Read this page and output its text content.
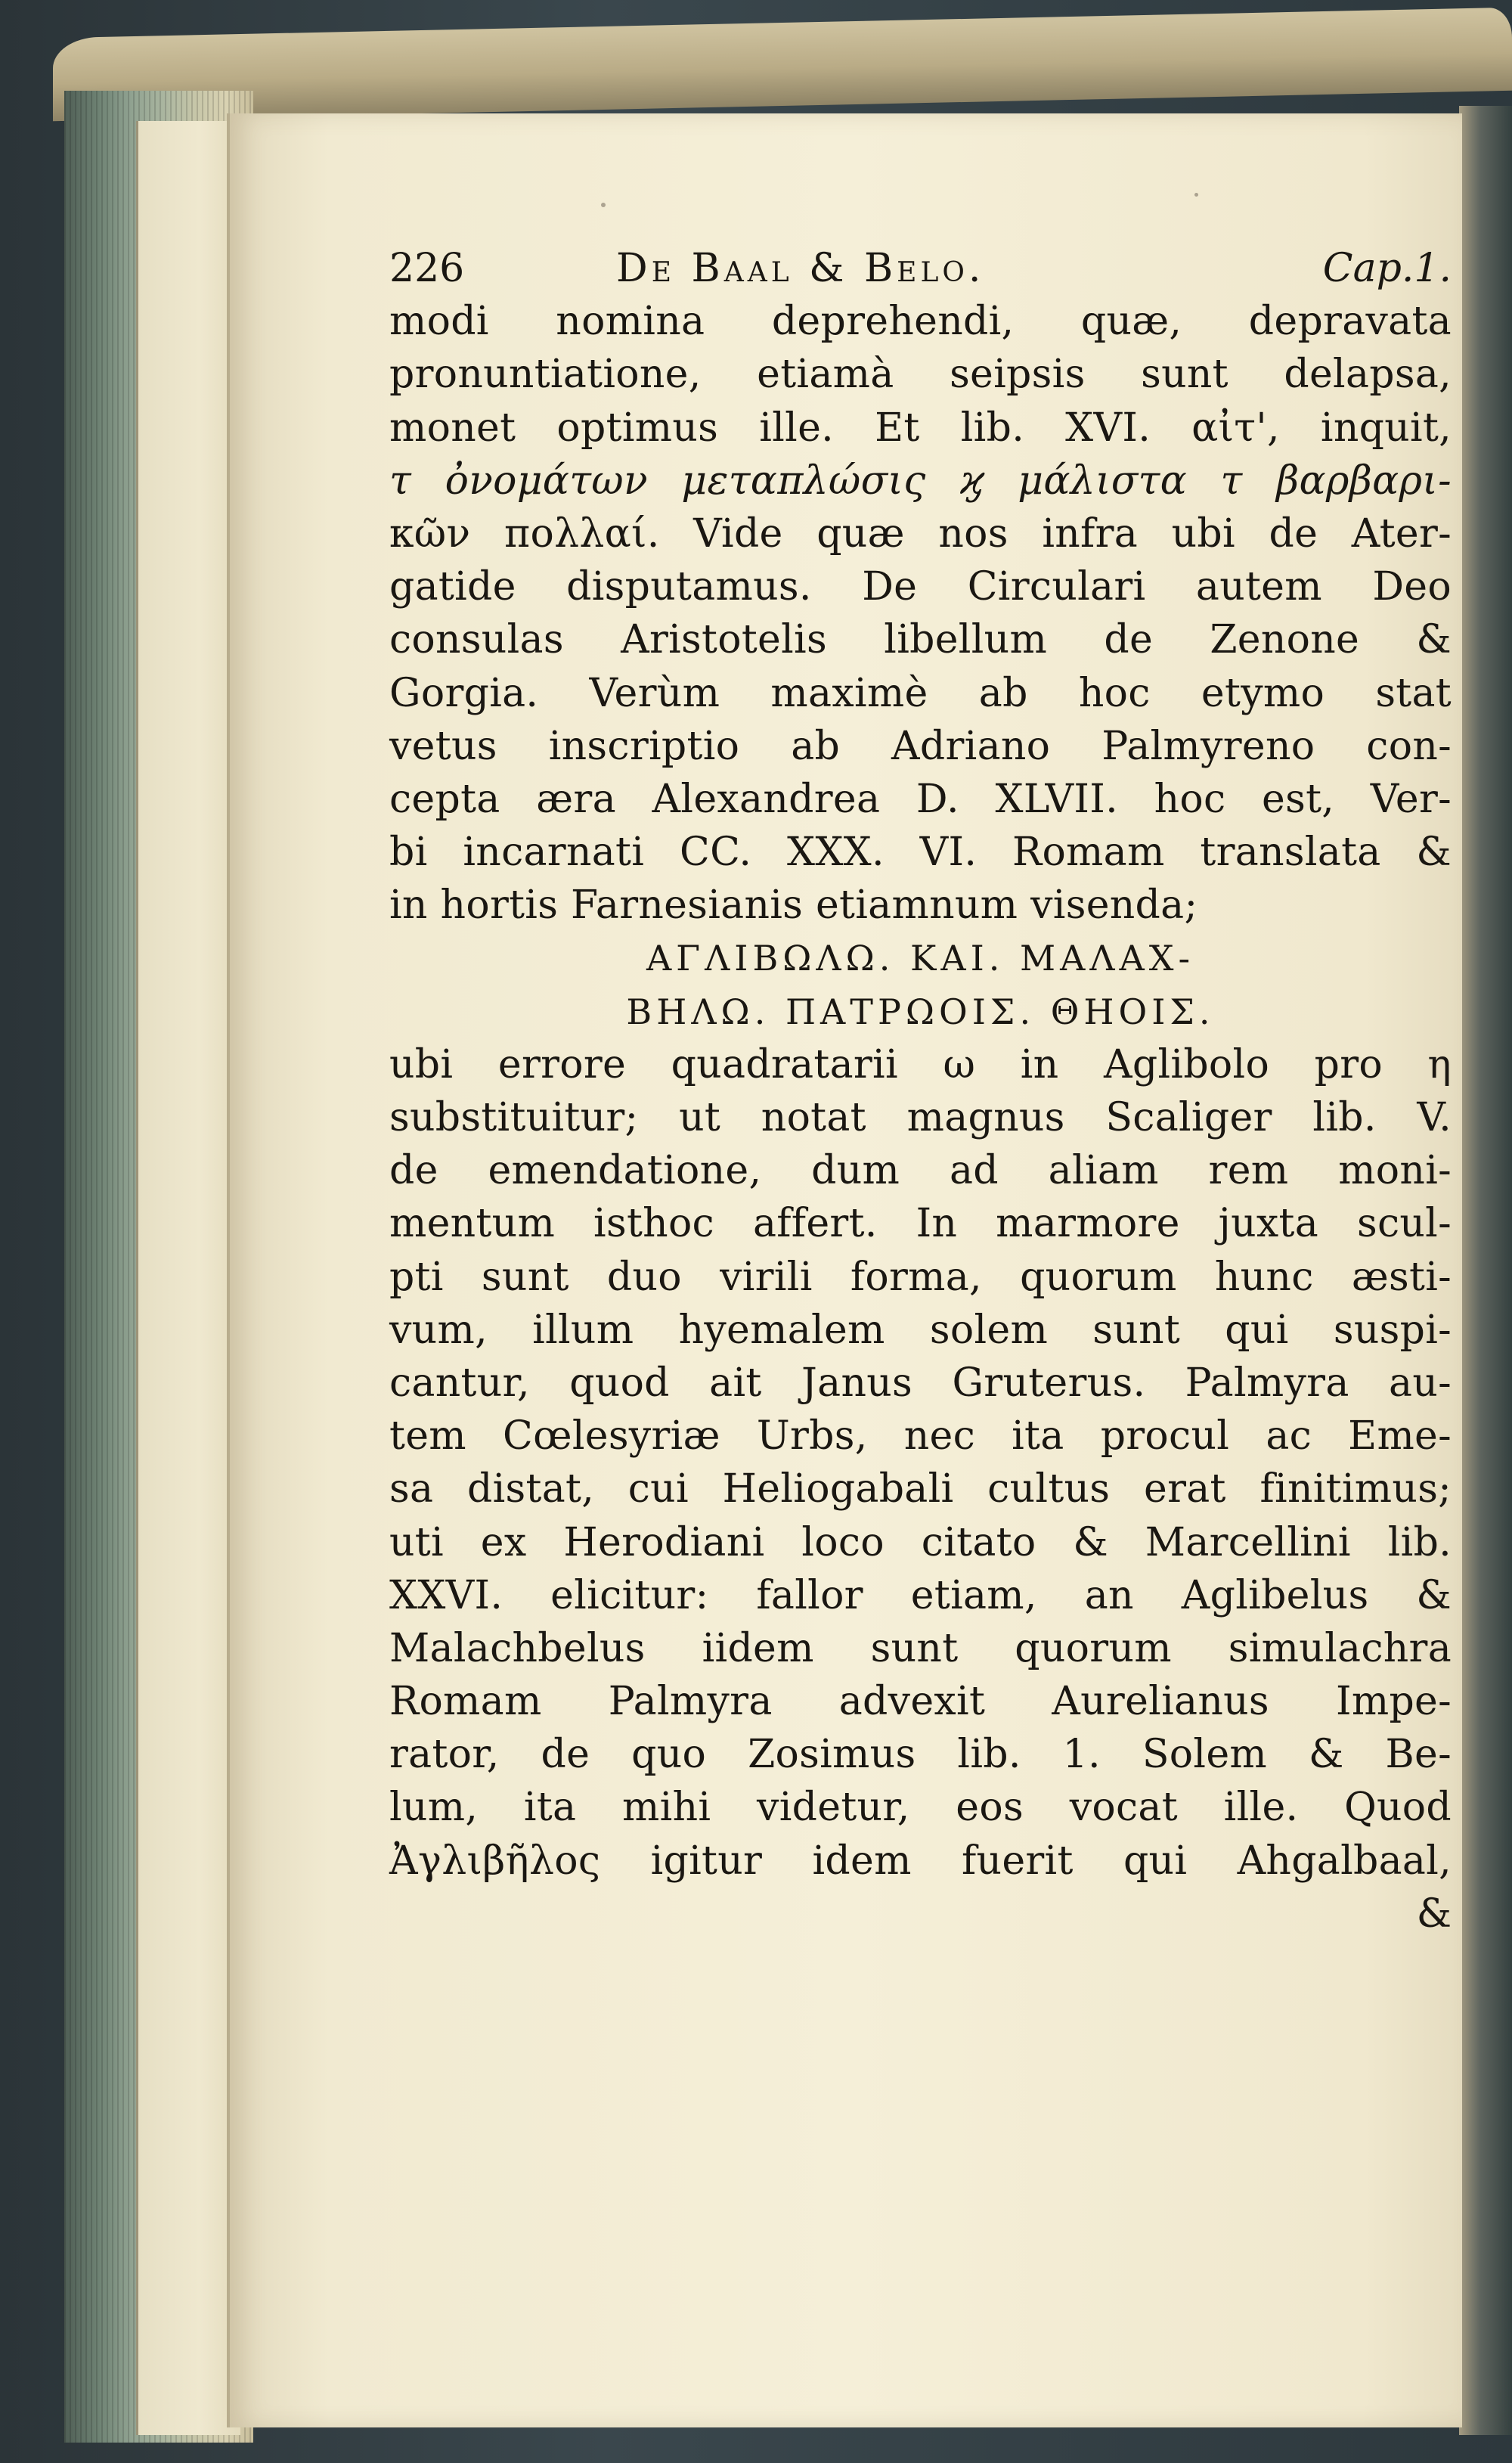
226	De Baal & Belo.	Cap.1.
modi nomina deprehendi, quæ, depravata
pronuntiatione, etiamà seipsis sunt delapsa,
monet optimus ille. Et lib. XVI. αἰτ', inquit,
τ ὀνομάτων μεταπλώσις ϗ μάλιστα τ βαρβαρι-
κῶν πολλαί. Vide quæ nos infra ubi de Ater-
gatide disputamus. De Circulari autem Deo
consulas Aristotelis libellum de Zenone &
Gorgia. Verùm maximè ab hoc etymo stat
vetus inscriptio ab Adriano Palmyreno con-
cepta æra Alexandrea D. XLVII. hoc est, Ver-
bi incarnati CC. XXX. VI. Romam translata &
in hortis Farnesianis etiamnum visenda;
ΑΓΛΙΒΩΛΩ. ΚΑΙ. ΜΑΛΑΧ-
ΒΗΛΩ. ΠΑΤΡΩΟΙΣ. ΘΗΟΙΣ.
ubi errore quadratarii ω in Aglibolo pro η
substituitur; ut notat magnus Scaliger lib. V.
de emendatione, dum ad aliam rem moni-
mentum isthoc affert. In marmore juxta scul-
pti sunt duo virili forma, quorum hunc æsti-
vum, illum hyemalem solem sunt qui suspi-
cantur, quod ait Janus Gruterus. Palmyra au-
tem Cœlesyriæ Urbs, nec ita procul ac Eme-
sa distat, cui Heliogabali cultus erat finitimus;
uti ex Herodiani loco citato & Marcellini lib.
XXVI. elicitur: fallor etiam, an Aglibelus &
Malachbelus iidem sunt quorum simulachra
Romam Palmyra advexit Aurelianus Impe-
rator, de quo Zosimus lib. 1. Solem & Be-
lum, ita mihi videtur, eos vocat ille. Quod
Ἀγλιβῆλος igitur idem fuerit qui Ahgalbaal,
&
